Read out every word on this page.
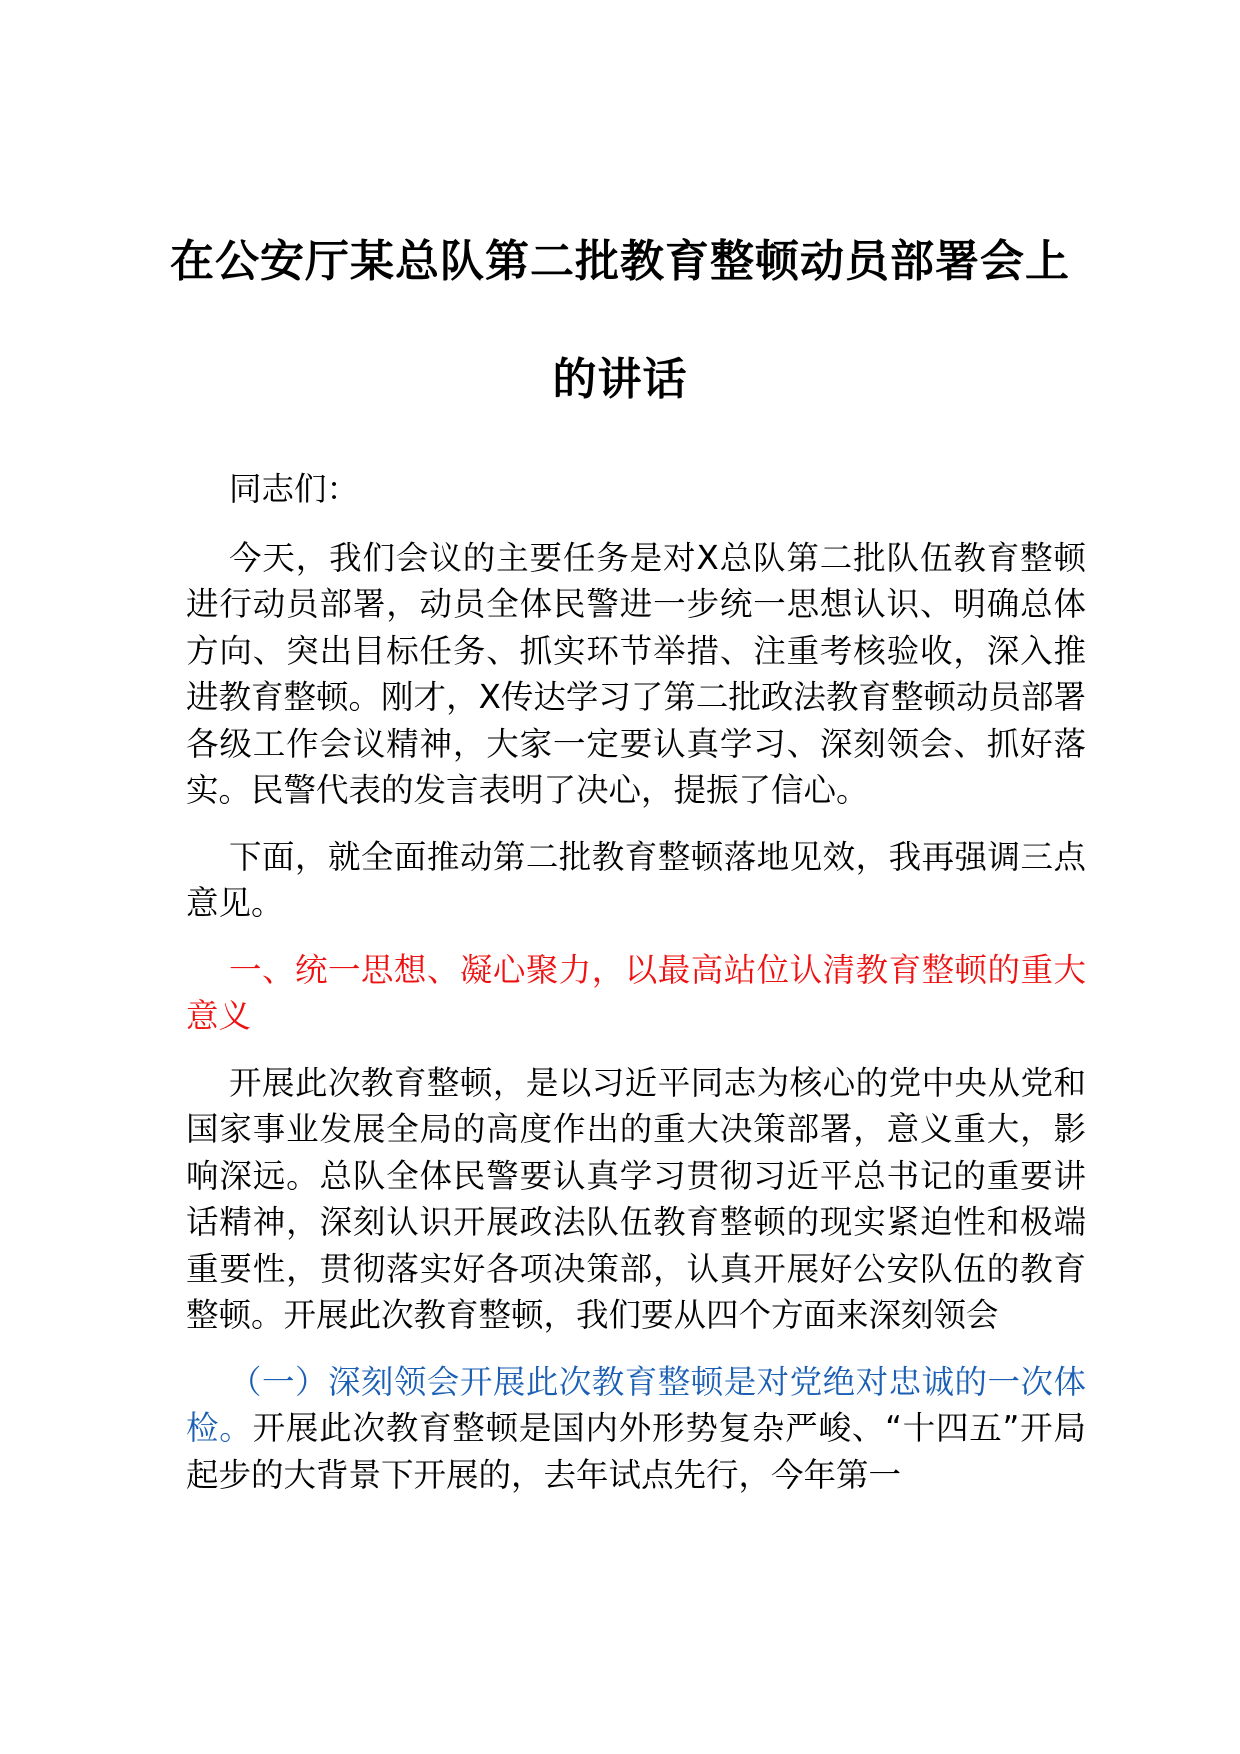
在公安厅某总队第二批教育整顿动员部署会上
的讲话

同志们：

今天，我们会议的主要任务是对X总队第二批队伍教育整顿进行动员部署，动员全体民警进一步统一思想认识、明确总体方向、突出目标任务、抓实环节举措、注重考核验收，深入推进教育整顿。刚才，X传达学习了第二批政法教育整顿动员部署各级工作会议精神，大家一定要认真学习、深刻领会、抓好落实。民警代表的发言表明了决心，提振了信心。

下面，就全面推动第二批教育整顿落地见效，我再强调三点意见。

一、统一思想、凝心聚力，以最高站位认清教育整顿的重大意义

开展此次教育整顿，是以习近平同志为核心的党中央从党和国家事业发展全局的高度作出的重大决策部署，意义重大，影响深远。总队全体民警要认真学习贯彻习近平总书记的重要讲话精神，深刻认识开展政法队伍教育整顿的现实紧迫性和极端重要性，贯彻落实好各项决策部，认真开展好公安队伍的教育整顿。开展此次教育整顿，我们要从四个方面来深刻领会

（一）深刻领会开展此次教育整顿是对党绝对忠诚的一次体检。开展此次教育整顿是国内外形势复杂严峻、“十四五”开局起步的大背景下开展的，去年试点先行，今年第一
